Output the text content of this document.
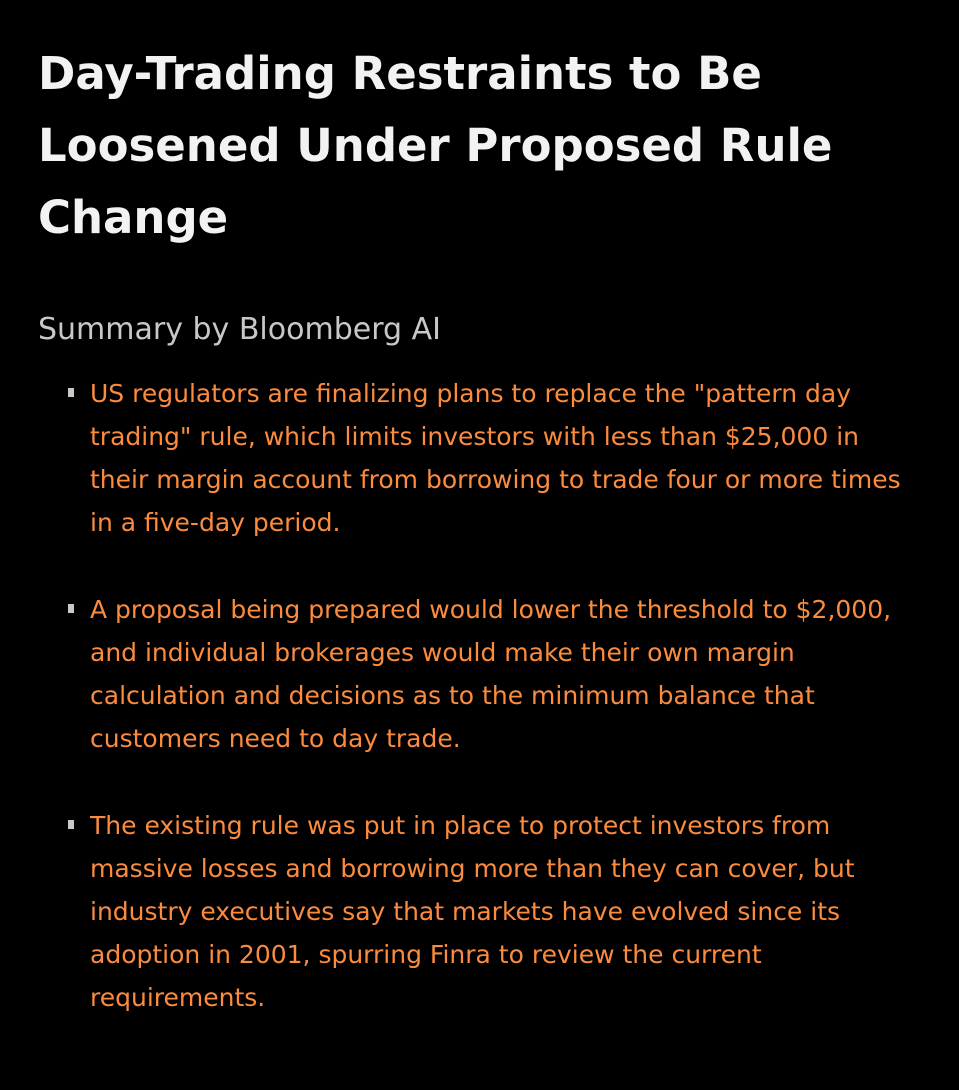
Day-Trading Restraints to Be Loosened Under Proposed Rule Change
Summary by Bloomberg AI
US regulators are finalizing plans to replace the "pattern day trading" rule, which limits investors with less than $25,000 in their margin account from borrowing to trade four or more times in a five-day period.
A proposal being prepared would lower the threshold to $2,000, and individual brokerages would make their own margin calculation and decisions as to the minimum balance that customers need to day trade.
The existing rule was put in place to protect investors from massive losses and borrowing more than they can cover, but industry executives say that markets have evolved since its adoption in 2001, spurring Finra to review the current requirements.
